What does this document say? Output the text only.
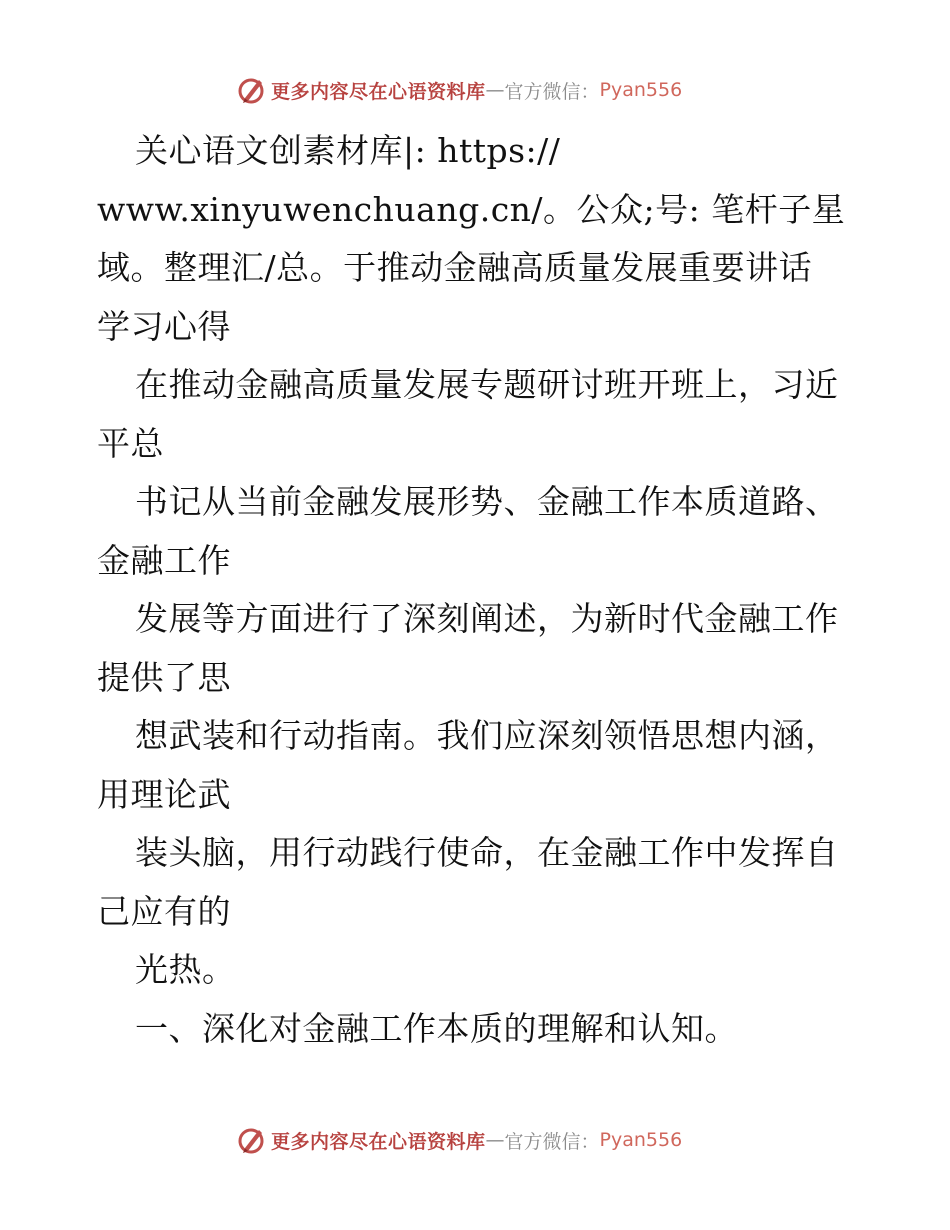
更多内容尽在心语资料库 — 官方微信： Pyan556
关心语文创素材库|: https://
www.xinyuwenchuang.cn/。公众;号: 笔杆子星
域。整理汇/总。于推动金融高质量发展重要讲话
学习心得
在推动金融高质量发展专题研讨班开班上，习近
平总
书记从当前金融发展形势、金融工作本质道路、
金融工作
发展等方面进行了深刻阐述，为新时代金融工作
提供了思
想武装和行动指南。我们应深刻领悟思想内涵，
用理论武
装头脑，用行动践行使命，在金融工作中发挥自
己应有的
光热。
一、深化对金融工作本质的理解和认知。
更多内容尽在心语资料库 — 官方微信： Pyan556
